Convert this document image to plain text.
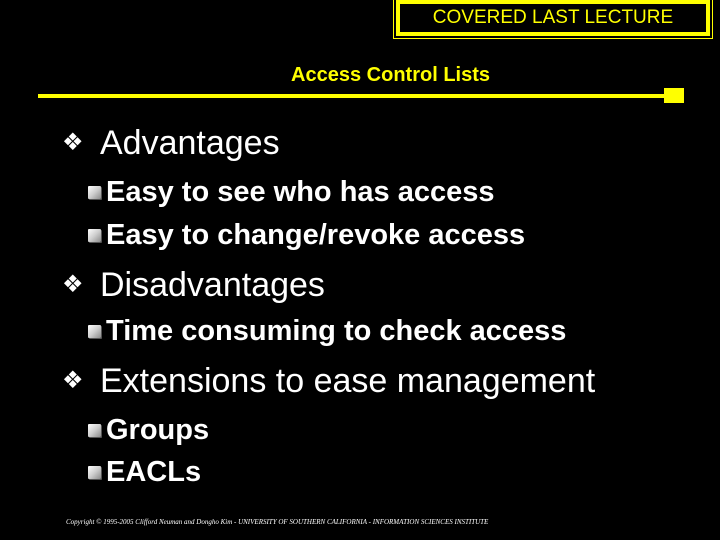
COVERED LAST LECTURE
Access Control Lists
❖ Advantages
Easy to see who has access
Easy to change/revoke access
❖ Disadvantages
Time consuming to check access
❖ Extensions to ease management
Groups
EACLs
Copyright © 1995-2005 Clifford Neuman and Dongho Kim - UNIVERSITY OF SOUTHERN CALIFORNIA - INFORMATION SCIENCES INSTITUTE
